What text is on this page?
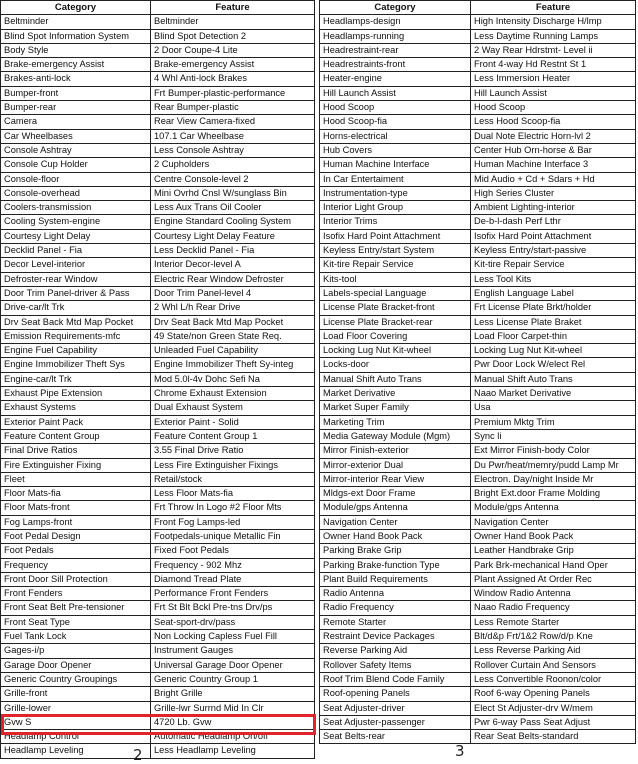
Category	Feature
Beltminder	Beltminder
Blind Spot Information System	Blind Spot Detection 2
Body Style	2 Door Coupe-4 Lite
Brake-emergency Assist	Brake-emergency Assist
Brakes-anti-lock	4 Whl Anti-lock Brakes
Bumper-front	Frt Bumper-plastic-performance
Bumper-rear	Rear Bumper-plastic
Camera	Rear View Camera-fixed
Car Wheelbases	107.1 Car Wheelbase
Console Ashtray	Less Console Ashtray
Console Cup Holder	2 Cupholders
Console-floor	Centre Console-level 2
Console-overhead	Mini Ovrhd Cnsl W/sunglass Bin
Coolers-transmission	Less Aux Trans Oil Cooler
Cooling System-engine	Engine Standard Cooling System
Courtesy Light Delay	Courtesy Light Delay Feature
Decklid Panel - Fia	Less Decklid Panel - Fia
Decor Level-interior	Interior Decor-level A
Defroster-rear Window	Electric Rear Window Defroster
Door Trim Panel-driver & Pass	Door Trim Panel-level 4
Drive-car/lt Trk	2 Whl L/h Rear Drive
Drv Seat Back Mtd Map Pocket	Drv Seat Back Mtd Map Pocket
Emission Requirements-mfc	49 State/non Green State Req.
Engine Fuel Capability	Unleaded Fuel Capability
Engine Immobilizer Theft Sys	Engine Immobilizer Theft Sy-integ
Engine-car/lt Trk	Mod 5.0l-4v Dohc Sefi Na
Exhaust Pipe Extension	Chrome Exhaust Extension
Exhaust Systems	Dual Exhaust System
Exterior Paint Pack	Exterior Paint - Solid
Feature Content Group	Feature Content Group 1
Final Drive Ratios	3.55 Final Drive Ratio
Fire Extinguisher Fixing	Less Fire Extinguisher Fixings
Fleet	Retail/stock
Floor Mats-fia	Less Floor Mats-fia
Floor Mats-front	Frt Throw In Logo #2 Floor Mts
Fog Lamps-front	Front Fog Lamps-led
Foot Pedal Design	Footpedals-unique Metallic Fin
Foot Pedals	Fixed Foot Pedals
Frequency	Frequency - 902 Mhz
Front Door Sill Protection	Diamond Tread Plate
Front Fenders	Performance Front Fenders
Front Seat Belt Pre-tensioner	Frt St Blt Bckl Pre-tns Drv/ps
Front Seat Type	Seat-sport-drv/pass
Fuel Tank Lock	Non Locking Capless Fuel Fill
Gages-i/p	Instrument Gauges
Garage Door Opener	Universal Garage Door Opener
Generic Country Groupings	Generic Country Group 1
Grille-front	Bright Grille
Grille-lower	Grille-lwr Surrnd Mid In Clr
Gvw S	4720 Lb. Gvw
Headlamp Control	Automatic Headlamp On/off
Headlamp Leveling	Less Headlamp Leveling
Category	Feature
Headlamps-design	High Intensity Discharge H/lmp
Headlamps-running	Less Daytime Running Lamps
Headrestraint-rear	2 Way Rear Hdrstmt- Level ii
Headrestraints-front	Front 4-way Hd Restnt St 1
Heater-engine	Less Immersion Heater
Hill Launch Assist	Hill Launch Assist
Hood Scoop	Hood Scoop
Hood Scoop-fia	Less Hood Scoop-fia
Horns-electrical	Dual Note Electric Horn-lvl 2
Hub Covers	Center Hub Orn-horse & Bar
Human Machine Interface	Human Machine Interface 3
In Car Entertaiment	Mid Audio + Cd + Sdars + Hd
Instrumentation-type	High Series Cluster
Interior Light Group	Ambient Lighting-interior
Interior Trims	De-b-l-dash Perf Lthr
Isofix Hard Point Attachment	Isofix Hard Point Attachment
Keyless Entry/start System	Keyless Entry/start-passive
Kit-tire Repair Service	Kit-tire Repair Service
Kits-tool	Less Tool Kits
Labels-special Language	English Language Label
License Plate Bracket-front	Frt License Plate Brkt/holder
License Plate Bracket-rear	Less License Plate Braket
Load Floor Covering	Load Floor Carpet-thin
Locking Lug Nut Kit-wheel	Locking Lug Nut Kit-wheel
Locks-door	Pwr Door Lock W/elect Rel
Manual Shift Auto Trans	Manual Shift Auto Trans
Market Derivative	Naao Market Derivative
Market Super Family	Usa
Marketing Trim	Premium Mktg Trim
Media Gateway Module (Mgm)	Sync li
Mirror Finish-exterior	Ext Mirror Finish-body Color
Mirror-exterior Dual	Du Pwr/heat/memry/pudd Lamp Mr
Mirror-interior Rear View	Electron. Day/night Inside Mr
Mldgs-ext Door Frame	Bright Ext.door Frame Molding
Module/gps Antenna	Module/gps Antenna
Navigation Center	Navigation Center
Owner Hand Book Pack	Owner Hand Book Pack
Parking Brake Grip	Leather Handbrake Grip
Parking Brake-function Type	Park Brk-mechanical Hand Oper
Plant Build Requirements	Plant Assigned At Order Rec
Radio Antenna	Window Radio Antenna
Radio Frequency	Naao Radio Frequency
Remote Starter	Less Remote Starter
Restraint Device Packages	Blt/d&p Frt/1&2 Row/d/p Kne
Reverse Parking Aid	Less Reverse Parking Aid
Rollover Safety Items	Rollover Curtain And Sensors
Roof Trim Blend Code Family	Less Convertible Roonon/color
Roof-opening Panels	Roof 6-way Opening Panels
Seat Adjuster-driver	Elect St Adjuster-drv W/mem
Seat Adjuster-passenger	Pwr 6-way Pass Seat Adjust
Seat Belts-rear	Rear Seat Belts-standard
2	3
